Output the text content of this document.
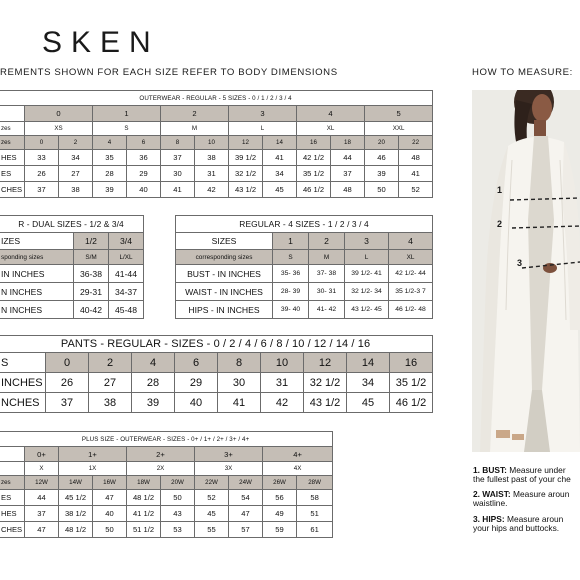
SKEN
REMENTS SHOWN FOR EACH SIZE REFER TO BODY DIMENSIONS	HOW TO MEASURE:
OUTERWEAR - REGULAR - 5 SIZES - 0 / 1 / 2 / 3 / 4												
	0		1		2		3		4		5	
zes	XS		S		M		L		XL		XXL	
zes	0	2	4	6	8	10	12	14	16	18	20	22
HES	33	34	35	36	37	38	39 1/2	41	42 1/2	44	46	48
ES	26	27	28	29	30	31	32 1/2	34	35 1/2	37	39	41
CHES	37	38	39	40	41	42	43 1/2	45	46 1/2	48	50	52
R - DUAL SIZES - 1/2 & 3/4		
IZES	1/2	3/4
sponding sizes	S/M	L/XL
IN INCHES	36-38	41-44
N INCHES	29-31	34-37
N INCHES	40-42	45-48
REGULAR - 4 SIZES - 1 / 2 / 3 / 4				
SIZES	1	2	3	4
corresponding sizes	S	M	L	XL
BUST - IN INCHES	35- 36	37- 38	39 1/2- 41	42 1/2- 44
WAIST - IN INCHES	28- 39	30- 31	32 1/2- 34	35 1/2-3 7
HIPS - IN INCHES	39- 40	41- 42	43 1/2- 45	46 1/2- 48
PANTS - REGULAR - SIZES - 0 / 2 / 4 / 6 / 8 / 10 / 12 / 14 / 16									
S	0	2	4	6	8	10	12	14	16
INCHES	26	27	28	29	30	31	32 1/2	34	35 1/2
NCHES	37	38	39	40	41	42	43 1/2	45	46 1/2
PLUS SIZE - OUTERWEAR - SIZES - 0+ / 1+ / 2+ / 3+ / 4+									
	0+	1+		2+		3+		4+	
	X	1X		2X		3X		4X	
zes	12W	14W	16W	18W	20W	22W	24W	26W	28W
ES	44	45 1/2	47	48 1/2	50	52	54	56	58
HES	37	38 1/2	40	41 1/2	43	45	47	49	51
CHES	47	48 1/2	50	51 1/2	53	55	57	59	61
1
2
3
1. BUST: Measure under
the fullest past of your che
2. WAIST: Measure aroun
waistline.
3. HIPS: Measure aroun
your hips and buttocks.
